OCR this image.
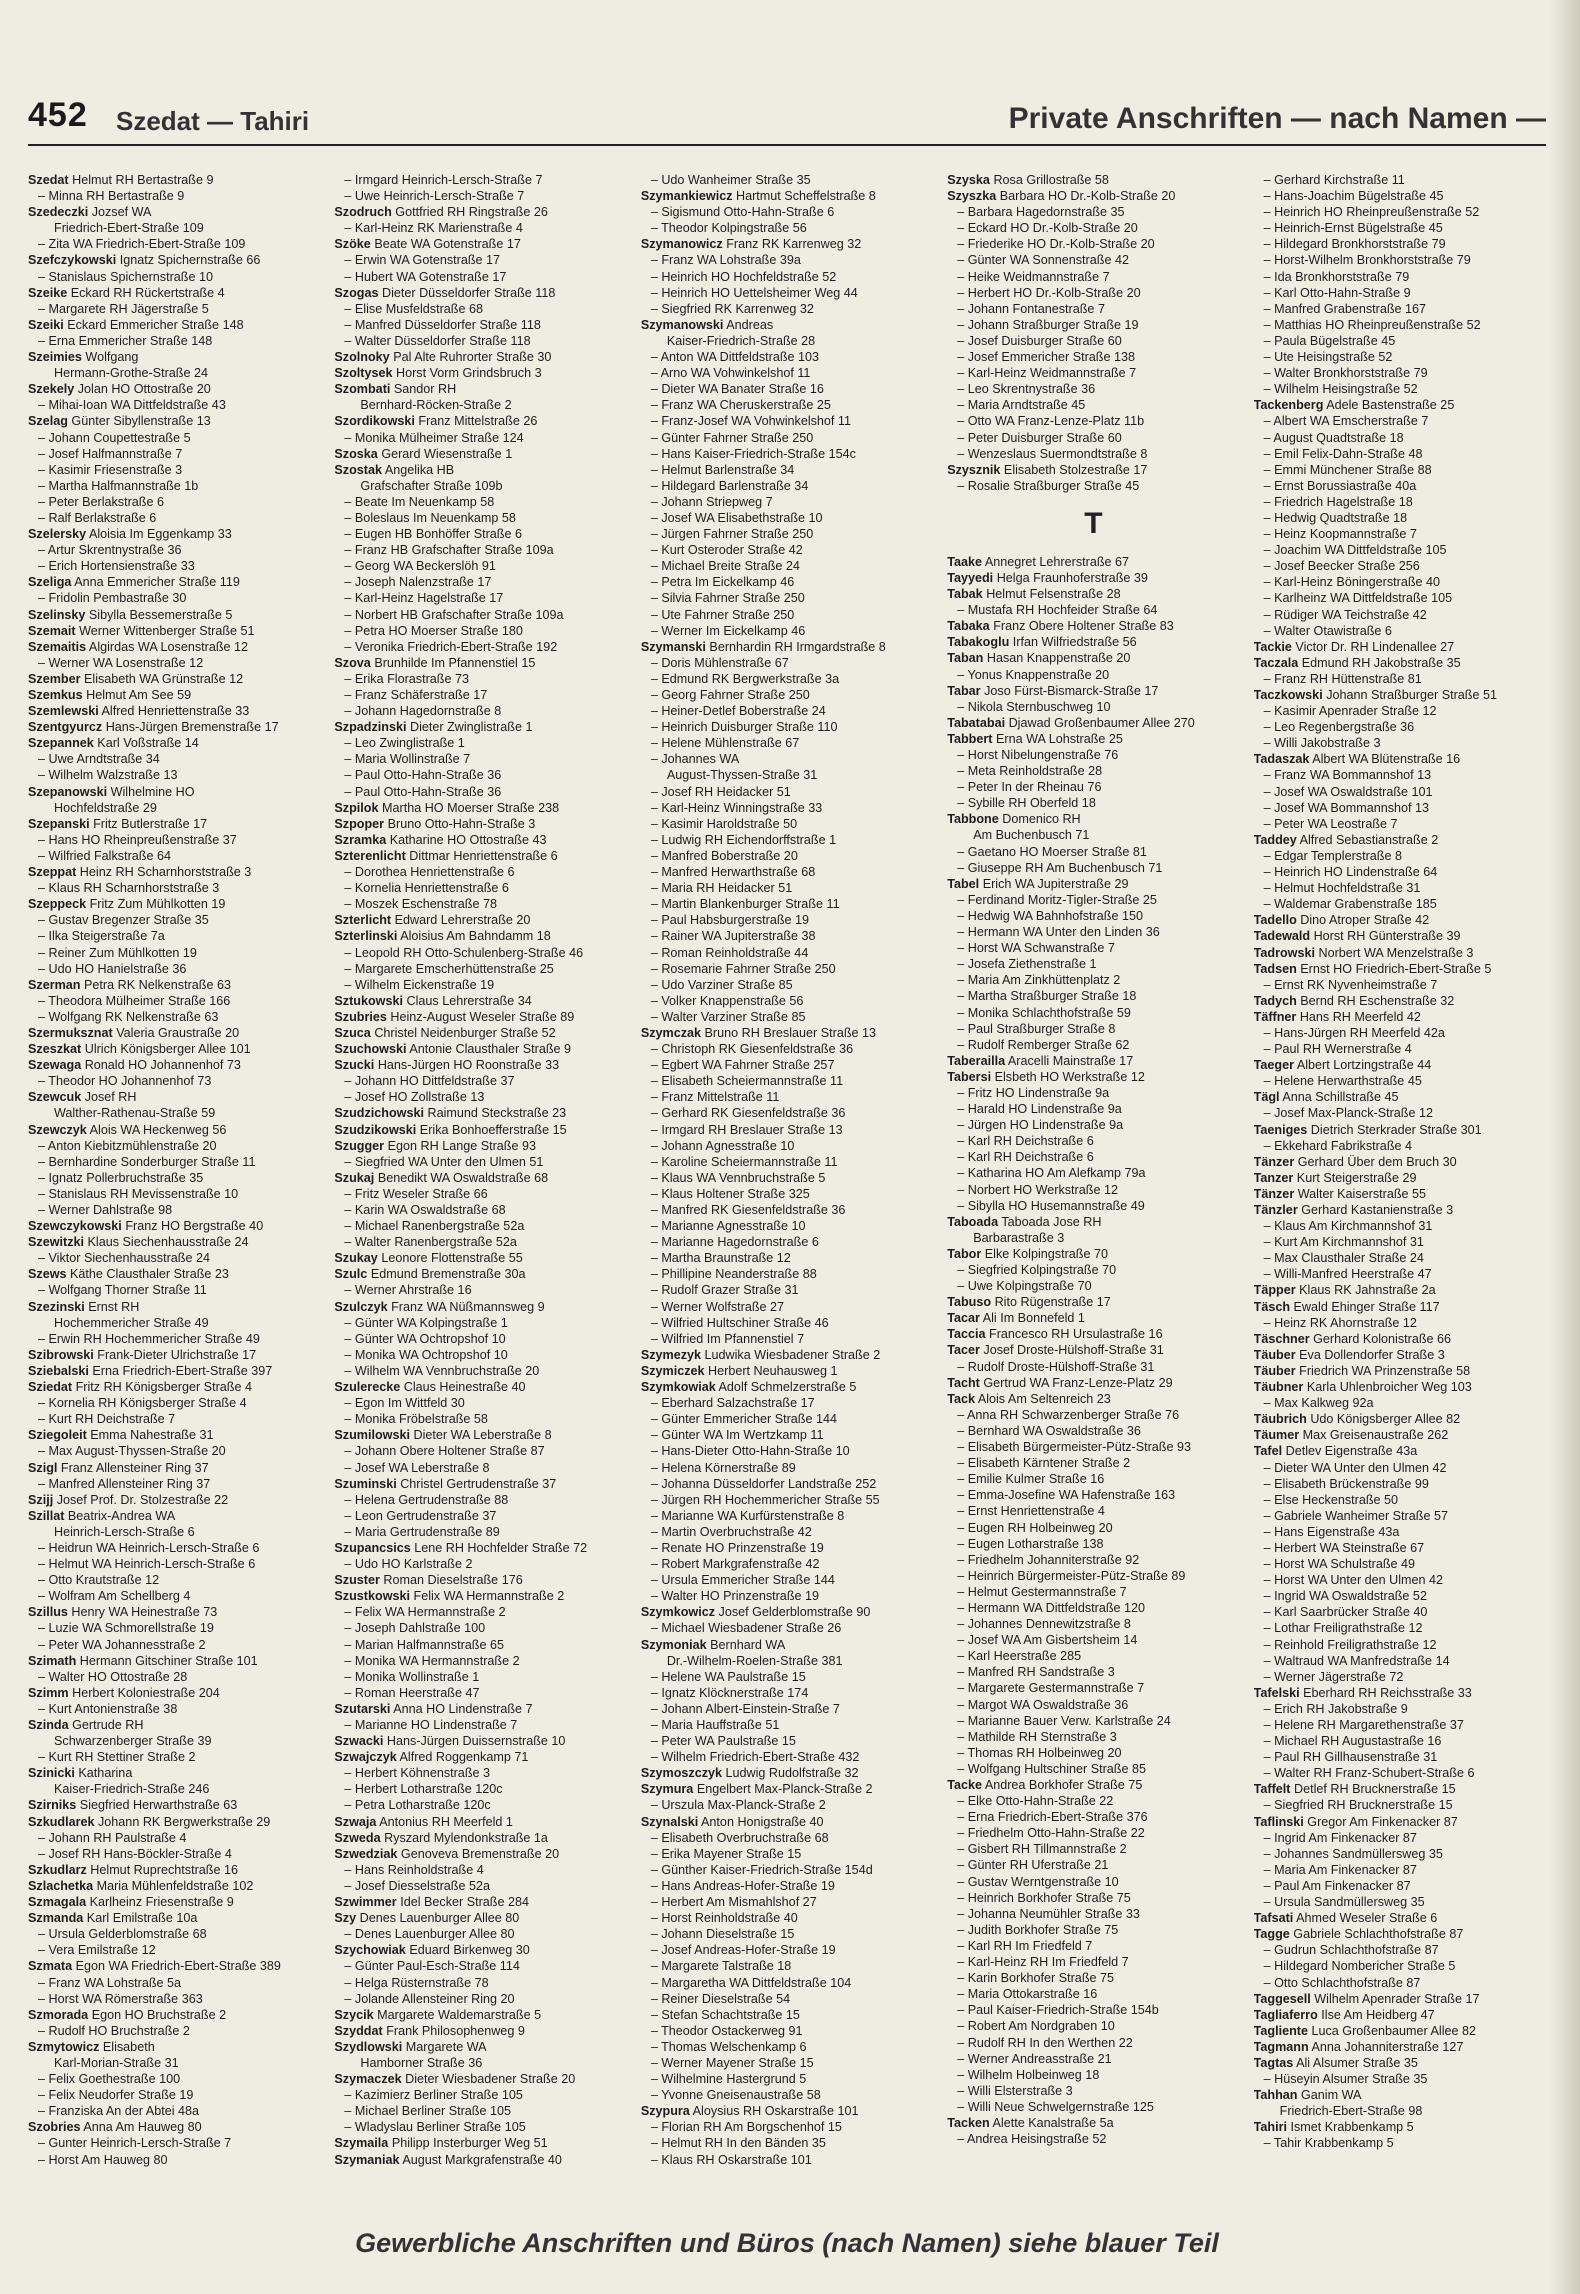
452 Szedat — Tahiri	Private Anschriften — nach Namen —
Szedat Helmut RH Bertastraße 9
– Minna RH Bertastraße 9
Szedeczki Jozsef WA
Friedrich-Ebert-Straße 109
– Zita WA Friedrich-Ebert-Straße 109
Szefczykowski Ignatz Spichernstraße 66
– Stanislaus Spichernstraße 10
Szeike Eckard RH Rückertstraße 4
– Margarete RH Jägerstraße 5
Szeiki Eckard Emmericher Straße 148
– Erna Emmericher Straße 148
Szeimies Wolfgang
Hermann-Grothe-Straße 24
Szekely Jolan HO Ottostraße 20
– Mihai-Ioan WA Dittfeldstraße 43
Szelag Günter Sibyllenstraße 13
– Johann Coupettestraße 5
– Josef Halfmannstraße 7
– Kasimir Friesenstraße 3
– Martha Halfmannstraße 1b
– Peter Berlakstraße 6
– Ralf Berlakstraße 6
Szelersky Aloisia Im Eggenkamp 33
– Artur Skrentnystraße 36
– Erich Hortensienstraße 33
Szeliga Anna Emmericher Straße 119
– Fridolin Pembastraße 30
Szelinsky Sibylla Bessemerstraße 5
Szemait Werner Wittenberger Straße 51
Szemaitis Algirdas WA Losenstraße 12
– Werner WA Losenstraße 12
Szember Elisabeth WA Grünstraße 12
Szemkus Helmut Am See 59
Szemlewski Alfred Henriettenstraße 33
Szentgyurcz Hans-Jürgen Bremenstraße 17
Szepannek Karl Voßstraße 14
– Uwe Arndtstraße 34
– Wilhelm Walzstraße 13
Szepanowski Wilhelmine HO
Hochfeldstraße 29
Szepanski Fritz Butlerstraße 17
– Hans HO Rheinpreußenstraße 37
– Wilfried Falkstraße 64
Szeppat Heinz RH Scharnhorststraße 3
– Klaus RH Scharnhorststraße 3
Szeppeck Fritz Zum Mühlkotten 19
– Gustav Bregenzer Straße 35
– Ilka Steigerstraße 7a
– Reiner Zum Mühlkotten 19
– Udo HO Hanielstraße 36
Szerman Petra RK Nelkenstraße 63
– Theodora Mülheimer Straße 166
– Wolfgang RK Nelkenstraße 63
Szermuksznat Valeria Graustraße 20
Szeszkat Ulrich Königsberger Allee 101
Szewaga Ronald HO Johannenhof 73
– Theodor HO Johannenhof 73
Szewcuk Josef RH
Walther-Rathenau-Straße 59
Szewczyk Alois WA Heckenweg 56
– Anton Kiebitzmühlenstraße 20
– Bernhardine Sonderburger Straße 11
– Ignatz Pollerbruchstraße 35
– Stanislaus RH Mevissenstraße 10
– Werner Dahlstraße 98
Szewczykowski Franz HO Bergstraße 40
Szewitzki Klaus Siechenhausstraße 24
– Viktor Siechenhausstraße 24
Szews Käthe Clausthaler Straße 23
– Wolfgang Thorner Straße 11
Szezinski Ernst RH
Hochemmericher Straße 49
– Erwin RH Hochemmericher Straße 49
Szibrowski Frank-Dieter Ulrichstraße 17
Sziebalski Erna Friedrich-Ebert-Straße 397
Sziedat Fritz RH Königsberger Straße 4
– Kornelia RH Königsberger Straße 4
– Kurt RH Deichstraße 7
Sziegoleit Emma Nahestraße 31
– Max August-Thyssen-Straße 20
Szigl Franz Allensteiner Ring 37
– Manfred Allensteiner Ring 37
Szijj Josef Prof. Dr. Stolzestraße 22
Szillat Beatrix-Andrea WA
Heinrich-Lersch-Straße 6
– Heidrun WA Heinrich-Lersch-Straße 6
– Helmut WA Heinrich-Lersch-Straße 6
– Otto Krautstraße 12
– Wolfram Am Schellberg 4
Szillus Henry WA Heinestraße 73
– Luzie WA Schmorellstraße 19
– Peter WA Johannesstraße 2
Szimath Hermann Gitschiner Straße 101
– Walter HO Ottostraße 28
Szimm Herbert Koloniestraße 204
– Kurt Antonienstraße 38
Szinda Gertrude RH
Schwarzenberger Straße 39
– Kurt RH Stettiner Straße 2
Szinicki Katharina
Kaiser-Friedrich-Straße 246
Szirniks Siegfried Herwarthstraße 63
Szkudlarek Johann RK Bergwerkstraße 29
– Johann RH Paulstraße 4
– Josef RH Hans-Böckler-Straße 4
Szkudlarz Helmut Ruprechtstraße 16
Szlachetka Maria Mühlenfeldstraße 102
Szmagala Karlheinz Friesenstraße 9
Szmanda Karl Emilstraße 10a
– Ursula Gelderblomstraße 68
– Vera Emilstraße 12
Szmata Egon WA Friedrich-Ebert-Straße 389
– Franz WA Lohstraße 5a
– Horst WA Römerstraße 363
Szmorada Egon HO Bruchstraße 2
– Rudolf HO Bruchstraße 2
Szmytowicz Elisabeth
Karl-Morian-Straße 31
– Felix Goethestraße 100
– Felix Neudorfer Straße 19
– Franziska An der Abtei 48a
Szobries Anna Am Hauweg 80
– Gunter Heinrich-Lersch-Straße 7
– Horst Am Hauweg 80
– Irmgard Heinrich-Lersch-Straße 7
– Uwe Heinrich-Lersch-Straße 7
Szodruch Gottfried RH Ringstraße 26
– Karl-Heinz RK Marienstraße 4
Szöke Beate WA Gotenstraße 17
– Erwin WA Gotenstraße 17
– Hubert WA Gotenstraße 17
Szogas Dieter Düsseldorfer Straße 118
– Elise Musfeldstraße 68
– Manfred Düsseldorfer Straße 118
– Walter Düsseldorfer Straße 118
Szolnoky Pal Alte Ruhrorter Straße 30
Szoltysek Horst Vorm Grindsbruch 3
Szombati Sandor RH
Bernhard-Röcken-Straße 2
Szordikowski Franz Mittelstraße 26
– Monika Mülheimer Straße 124
Szoska Gerard Wiesenstraße 1
Szostak Angelika HB
Grafschafter Straße 109b
– Beate Im Neuenkamp 58
– Boleslaus Im Neuenkamp 58
– Eugen HB Bonhöffer Straße 6
– Franz HB Grafschafter Straße 109a
– Georg WA Beckerslöh 91
– Joseph Nalenzstraße 17
– Karl-Heinz Hagelstraße 17
– Norbert HB Grafschafter Straße 109a
– Petra HO Moerser Straße 180
– Veronika Friedrich-Ebert-Straße 192
Szova Brunhilde Im Pfannenstiel 15
– Erika Florastraße 73
– Franz Schäferstraße 17
– Johann Hagedornstraße 8
Szpadzinski Dieter Zwinglistraße 1
– Leo Zwinglistraße 1
– Maria Wollinstraße 7
– Paul Otto-Hahn-Straße 36
– Paul Otto-Hahn-Straße 36
Szpilok Martha HO Moerser Straße 238
Szpoper Bruno Otto-Hahn-Straße 3
Szramka Katharine HO Ottostraße 43
Szterenlicht Dittmar Henriettenstraße 6
– Dorothea Henriettenstraße 6
– Kornelia Henriettenstraße 6
– Moszek Eschenstraße 78
Szterlicht Edward Lehrerstraße 20
Szterlinski Aloisius Am Bahndamm 18
– Leopold RH Otto-Schulenberg-Straße 46
– Margarete Emscherhüttenstraße 25
– Wilhelm Eickenstraße 19
Sztukowski Claus Lehrerstraße 34
Szubries Heinz-August Weseler Straße 89
Szuca Christel Neidenburger Straße 52
Szuchowski Antonie Clausthaler Straße 9
Szucki Hans-Jürgen HO Roonstraße 33
– Johann HO Dittfeldstraße 37
– Josef HO Zollstraße 13
Szudzichowski Raimund Steckstraße 23
Szudzikowski Erika Bonhoefferstraße 15
Szugger Egon RH Lange Straße 93
– Siegfried WA Unter den Ulmen 51
Szukaj Benedikt WA Oswaldstraße 68
– Fritz Weseler Straße 66
– Karin WA Oswaldstraße 68
– Michael Ranenbergstraße 52a
– Walter Ranenbergstraße 52a
Szukay Leonore Flottenstraße 55
Szulc Edmund Bremenstraße 30a
– Werner Ahrstraße 16
Szulczyk Franz WA Nüßmannsweg 9
– Günter WA Kolpingstraße 1
– Günter WA Ochtropshof 10
– Monika WA Ochtropshof 10
– Wilhelm WA Vennbruchstraße 20
Szulerecke Claus Heinestraße 40
– Egon Im Wittfeld 30
– Monika Fröbelstraße 58
Szumilowski Dieter WA Leberstraße 8
– Johann Obere Holtener Straße 87
– Josef WA Leberstraße 8
Szuminski Christel Gertrudenstraße 37
– Helena Gertrudenstraße 88
– Leon Gertrudenstraße 37
– Maria Gertrudenstraße 89
Szupancsics Lene RH Hochfelder Straße 72
– Udo HO Karlstraße 2
Szuster Roman Dieselstraße 176
Szustkowski Felix WA Hermannstraße 2
– Felix WA Hermannstraße 2
– Joseph Dahlstraße 100
– Marian Halfmannstraße 65
– Monika WA Hermannstraße 2
– Monika Wollinstraße 1
– Roman Heerstraße 47
Szutarski Anna HO Lindenstraße 7
– Marianne HO Lindenstraße 7
Szwacki Hans-Jürgen Duissernstraße 10
Szwajczyk Alfred Roggenkamp 71
– Herbert Köhnenstraße 3
– Herbert Lotharstraße 120c
– Petra Lotharstraße 120c
Szwaja Antonius RH Meerfeld 1
Szweda Ryszard Mylendonkstraße 1a
Szwedziak Genoveva Bremenstraße 20
– Hans Reinholdstraße 4
– Josef Diesselstraße 52a
Szwimmer Idel Becker Straße 284
Szy Denes Lauenburger Allee 80
– Denes Lauenburger Allee 80
Szychowiak Eduard Birkenweg 30
– Günter Paul-Esch-Straße 114
– Helga Rüsternstraße 78
– Jolande Allensteiner Ring 20
Szycik Margarete Waldemarstraße 5
Szyddat Frank Philosophenweg 9
Szydlowski Margarete WA
Hamborner Straße 36
Szymaczek Dieter Wiesbadener Straße 20
– Kazimierz Berliner Straße 105
– Michael Berliner Straße 105
– Wladyslau Berliner Straße 105
Szymaila Philipp Insterburger Weg 51
Szymaniak August Markgrafenstraße 40
– Udo Wanheimer Straße 35
Szymankiewicz Hartmut Scheffelstraße 8
– Sigismund Otto-Hahn-Straße 6
– Theodor Kolpingstraße 56
Szymanowicz Franz RK Karrenweg 32
– Franz WA Lohstraße 39a
– Heinrich HO Hochfeldstraße 52
– Heinrich HO Uettelsheimer Weg 44
– Siegfried RK Karrenweg 32
Szymanowski Andreas
Kaiser-Friedrich-Straße 28
– Anton WA Dittfeldstraße 103
– Arno WA Vohwinkelshof 11
– Dieter WA Banater Straße 16
– Franz WA Cheruskerstraße 25
– Franz-Josef WA Vohwinkelshof 11
– Günter Fahrner Straße 250
– Hans Kaiser-Friedrich-Straße 154c
– Helmut Barlenstraße 34
– Hildegard Barlenstraße 34
– Johann Striepweg 7
– Josef WA Elisabethstraße 10
– Jürgen Fahrner Straße 250
– Kurt Osteroder Straße 42
– Michael Breite Straße 24
– Petra Im Eickelkamp 46
– Silvia Fahrner Straße 250
– Ute Fahrner Straße 250
– Werner Im Eickelkamp 46
Szymanski Bernhardin RH Irmgardstraße 8
– Doris Mühlenstraße 67
– Edmund RK Bergwerkstraße 3a
– Georg Fahrner Straße 250
– Heiner-Detlef Boberstraße 24
– Heinrich Duisburger Straße 110
– Helene Mühlenstraße 67
– Johannes WA
August-Thyssen-Straße 31
– Josef RH Heidacker 51
– Karl-Heinz Winningstraße 33
– Kasimir Haroldstraße 50
– Ludwig RH Eichendorffstraße 1
– Manfred Boberstraße 20
– Manfred Herwarthstraße 68
– Maria RH Heidacker 51
– Martin Blankenburger Straße 11
– Paul Habsburgerstraße 19
– Rainer WA Jupiterstraße 38
– Roman Reinholdstraße 44
– Rosemarie Fahrner Straße 250
– Udo Varziner Straße 85
– Volker Knappenstraße 56
– Walter Varziner Straße 85
Szymczak Bruno RH Breslauer Straße 13
– Christoph RK Giesenfeldstraße 36
– Egbert WA Fahrner Straße 257
– Elisabeth Scheiermannstraße 11
– Franz Mittelstraße 11
– Gerhard RK Giesenfeldstraße 36
– Irmgard RH Breslauer Straße 13
– Johann Agnesstraße 10
– Karoline Scheiermannstraße 11
– Klaus WA Vennbruchstraße 5
– Klaus Holtener Straße 325
– Manfred RK Giesenfeldstraße 36
– Marianne Agnesstraße 10
– Marianne Hagedornstraße 6
– Martha Braunstraße 12
– Phillipine Neanderstraße 88
– Rudolf Grazer Straße 31
– Werner Wolfstraße 27
– Wilfried Hultschiner Straße 46
– Wilfried Im Pfannenstiel 7
Szymezyk Ludwika Wiesbadener Straße 2
Szymiczek Herbert Neuhausweg 1
Szymkowiak Adolf Schmelzerstraße 5
– Eberhard Salzachstraße 17
– Günter Emmericher Straße 144
– Günter WA Im Wertzkamp 11
– Hans-Dieter Otto-Hahn-Straße 10
– Helena Körnerstraße 89
– Johanna Düsseldorfer Landstraße 252
– Jürgen RH Hochemmericher Straße 55
– Marianne WA Kurfürstenstraße 8
– Martin Overbruchstraße 42
– Renate HO Prinzenstraße 19
– Robert Markgrafenstraße 42
– Ursula Emmericher Straße 144
– Walter HO Prinzenstraße 19
Szymkowicz Josef Gelderblomstraße 90
– Michael Wiesbadener Straße 26
Szymoniak Bernhard WA
Dr.-Wilhelm-Roelen-Straße 381
– Helene WA Paulstraße 15
– Ignatz Klöcknerstraße 174
– Johann Albert-Einstein-Straße 7
– Maria Hauffstraße 51
– Peter WA Paulstraße 15
– Wilhelm Friedrich-Ebert-Straße 432
Szymoszczyk Ludwig Rudolfstraße 32
Szymura Engelbert Max-Planck-Straße 2
– Urszula Max-Planck-Straße 2
Szynalski Anton Honigstraße 40
– Elisabeth Overbruchstraße 68
– Erika Mayener Straße 15
– Günther Kaiser-Friedrich-Straße 154d
– Hans Andreas-Hofer-Straße 19
– Herbert Am Mismahlshof 27
– Horst Reinholdstraße 40
– Johann Dieselstraße 15
– Josef Andreas-Hofer-Straße 19
– Margarete Talstraße 18
– Margaretha WA Dittfeldstraße 104
– Reiner Dieselstraße 54
– Stefan Schachtstraße 15
– Theodor Ostackerweg 91
– Thomas Welschenkamp 6
– Werner Mayener Straße 15
– Wilhelmine Hastergrund 5
– Yvonne Gneisenaustraße 58
Szypura Aloysius RH Oskarstraße 101
– Florian RH Am Borgschenhof 15
– Helmut RH In den Bänden 35
– Klaus RH Oskarstraße 101
Szyska Rosa Grillostraße 58
Szyszka Barbara HO Dr.-Kolb-Straße 20
– Barbara Hagedornstraße 35
– Eckard HO Dr.-Kolb-Straße 20
– Friederike HO Dr.-Kolb-Straße 20
– Günter WA Sonnenstraße 42
– Heike Weidmannstraße 7
– Herbert HO Dr.-Kolb-Straße 20
– Johann Fontanestraße 7
– Johann Straßburger Straße 19
– Josef Duisburger Straße 60
– Josef Emmericher Straße 138
– Karl-Heinz Weidmannstraße 7
– Leo Skrentnystraße 36
– Maria Arndtstraße 45
– Otto WA Franz-Lenze-Platz 11b
– Peter Duisburger Straße 60
– Wenzeslaus Suermondtstraße 8
Szysznik Elisabeth Stolzestraße 17
– Rosalie Straßburger Straße 45
T
Taake Annegret Lehrerstraße 67
Tayyedi Helga Fraunhoferstraße 39
Tabak Helmut Felsenstraße 28
– Mustafa RH Hochfeider Straße 64
Tabaka Franz Obere Holtener Straße 83
Tabakoglu Irfan Wilfriedstraße 56
Taban Hasan Knappenstraße 20
– Yonus Knappenstraße 20
Tabar Joso Fürst-Bismarck-Straße 17
– Nikola Sternbuschweg 10
Tabatabai Djawad Großenbaumer Allee 270
Tabbert Erna WA Lohstraße 25
– Horst Nibelungenstraße 76
– Meta Reinholdstraße 28
– Peter In der Rheinau 76
– Sybille RH Oberfeld 18
Tabbone Domenico RH
Am Buchenbusch 71
– Gaetano HO Moerser Straße 81
– Giuseppe RH Am Buchenbusch 71
Tabel Erich WA Jupiterstraße 29
– Ferdinand Moritz-Tigler-Straße 25
– Hedwig WA Bahnhofstraße 150
– Hermann WA Unter den Linden 36
– Horst WA Schwanstraße 7
– Josefa Ziethenstraße 1
– Maria Am Zinkhüttenplatz 2
– Martha Straßburger Straße 18
– Monika Schlachthofstraße 59
– Paul Straßburger Straße 8
– Rudolf Remberger Straße 62
Taberailla Aracelli Mainstraße 17
Tabersi Elsbeth HO Werkstraße 12
– Fritz HO Lindenstraße 9a
– Harald HO Lindenstraße 9a
– Jürgen HO Lindenstraße 9a
– Karl RH Deichstraße 6
– Karl RH Deichstraße 6
– Katharina HO Am Alefkamp 79a
– Norbert HO Werkstraße 12
– Sibylla HO Husemannstraße 49
Taboada Taboada Jose RH
Barbarastraße 3
Tabor Elke Kolpingstraße 70
– Siegfried Kolpingstraße 70
– Uwe Kolpingstraße 70
Tabuso Rito Rügenstraße 17
Tacar Ali Im Bonnefeld 1
Taccia Francesco RH Ursulastraße 16
Tacer Josef Droste-Hülshoff-Straße 31
– Rudolf Droste-Hülshoff-Straße 31
Tacht Gertrud WA Franz-Lenze-Platz 29
Tack Alois Am Seltenreich 23
– Anna RH Schwarzenberger Straße 76
– Bernhard WA Oswaldstraße 36
– Elisabeth Bürgermeister-Pütz-Straße 93
– Elisabeth Kärntener Straße 2
– Emilie Kulmer Straße 16
– Emma-Josefine WA Hafenstraße 163
– Ernst Henriettenstraße 4
– Eugen RH Holbeinweg 20
– Eugen Lotharstraße 138
– Friedhelm Johanniterstraße 92
– Heinrich Bürgermeister-Pütz-Straße 89
– Helmut Gestermannstraße 7
– Hermann WA Dittfeldstraße 120
– Johannes Dennewitzstraße 8
– Josef WA Am Gisbertsheim 14
– Karl Heerstraße 285
– Manfred RH Sandstraße 3
– Margarete Gestermannstraße 7
– Margot WA Oswaldstraße 36
– Marianne Bauer Verw. Karlstraße 24
– Mathilde RH Sternstraße 3
– Thomas RH Holbeinweg 20
– Wolfgang Hultschiner Straße 85
Tacke Andrea Borkhofer Straße 75
– Elke Otto-Hahn-Straße 22
– Erna Friedrich-Ebert-Straße 376
– Friedhelm Otto-Hahn-Straße 22
– Gisbert RH Tillmannstraße 2
– Günter RH Uferstraße 21
– Gustav Werntgenstraße 10
– Heinrich Borkhofer Straße 75
– Johanna Neumühler Straße 33
– Judith Borkhofer Straße 75
– Karl RH Im Friedfeld 7
– Karl-Heinz RH Im Friedfeld 7
– Karin Borkhofer Straße 75
– Maria Ottokarstraße 16
– Paul Kaiser-Friedrich-Straße 154b
– Robert Am Nordgraben 10
– Rudolf RH In den Werthen 22
– Werner Andreasstraße 21
– Wilhelm Holbeinweg 18
– Willi Elsterstraße 3
– Willi Neue Schwelgernstraße 125
Tacken Alette Kanalstraße 5a
– Andrea Heisingstraße 52
– Gerhard Kirchstraße 11
– Hans-Joachim Bügelstraße 45
– Heinrich HO Rheinpreußenstraße 52
– Heinrich-Ernst Bügelstraße 45
– Hildegard Bronkhorststraße 79
– Horst-Wilhelm Bronkhorststraße 79
– Ida Bronkhorststraße 79
– Karl Otto-Hahn-Straße 9
– Manfred Grabenstraße 167
– Matthias HO Rheinpreußenstraße 52
– Paula Bügelstraße 45
– Ute Heisingstraße 52
– Walter Bronkhorststraße 79
– Wilhelm Heisingstraße 52
Tackenberg Adele Bastenstraße 25
– Albert WA Emscherstraße 7
– August Quadtstraße 18
– Emil Felix-Dahn-Straße 48
– Emmi Münchener Straße 88
– Ernst Borussiastraße 40a
– Friedrich Hagelstraße 18
– Hedwig Quadtstraße 18
– Heinz Koopmannstraße 7
– Joachim WA Dittfeldstraße 105
– Josef Beecker Straße 256
– Karl-Heinz Böningerstraße 40
– Karlheinz WA Dittfeldstraße 105
– Rüdiger WA Teichstraße 42
– Walter Otawistraße 6
Tackie Victor Dr. RH Lindenallee 27
Taczala Edmund RH Jakobstraße 35
– Franz RH Hüttenstraße 81
Taczkowski Johann Straßburger Straße 51
– Kasimir Apenrader Straße 12
– Leo Regenbergstraße 36
– Willi Jakobstraße 3
Tadaszak Albert WA Blütenstraße 16
– Franz WA Bommannshof 13
– Josef WA Oswaldstraße 101
– Josef WA Bommannshof 13
– Peter WA Leostraße 7
Taddey Alfred Sebastianstraße 2
– Edgar Templerstraße 8
– Heinrich HO Lindenstraße 64
– Helmut Hochfeldstraße 31
– Waldemar Grabenstraße 185
Tadello Dino Atroper Straße 42
Tadewald Horst RH Günterstraße 39
Tadrowski Norbert WA Menzelstraße 3
Tadsen Ernst HO Friedrich-Ebert-Straße 5
– Ernst RK Nyvenheimstraße 7
Tadych Bernd RH Eschenstraße 32
Täffner Hans RH Meerfeld 42
– Hans-Jürgen RH Meerfeld 42a
– Paul RH Wernerstraße 4
Taeger Albert Lortzingstraße 44
– Helene Herwarthstraße 45
Tägl Anna Schillstraße 45
– Josef Max-Planck-Straße 12
Taeniges Dietrich Sterkrader Straße 301
– Ekkehard Fabrikstraße 4
Tänzer Gerhard Über dem Bruch 30
Tanzer Kurt Steigerstraße 29
Tänzer Walter Kaiserstraße 55
Tänzler Gerhard Kastanienstraße 3
– Klaus Am Kirchmannshof 31
– Kurt Am Kirchmannshof 31
– Max Clausthaler Straße 24
– Willi-Manfred Heerstraße 47
Täpper Klaus RK Jahnstraße 2a
Täsch Ewald Ehinger Straße 117
– Heinz RK Ahornstraße 12
Täschner Gerhard Kolonistraße 66
Täuber Eva Dollendorfer Straße 3
Täuber Friedrich WA Prinzenstraße 58
Täubner Karla Uhlenbroicher Weg 103
– Max Kalkweg 92a
Täubrich Udo Königsberger Allee 82
Täumer Max Greisenaustraße 262
Tafel Detlev Eigenstraße 43a
– Dieter WA Unter den Ulmen 42
– Elisabeth Brückenstraße 99
– Else Heckenstraße 50
– Gabriele Wanheimer Straße 57
– Hans Eigenstraße 43a
– Herbert WA Steinstraße 67
– Horst WA Schulstraße 49
– Horst WA Unter den Ulmen 42
– Ingrid WA Oswaldstraße 52
– Karl Saarbrücker Straße 40
– Lothar Freiligrathstraße 12
– Reinhold Freiligrathstraße 12
– Waltraud WA Manfredstraße 14
– Werner Jägerstraße 72
Tafelski Eberhard RH Reichsstraße 33
– Erich RH Jakobstraße 9
– Helene RH Margarethenstraße 37
– Michael RH Augustastraße 16
– Paul RH Gillhausenstraße 31
– Walter RH Franz-Schubert-Straße 6
Taffelt Detlef RH Brucknerstraße 15
– Siegfried RH Brucknerstraße 15
Taflinski Gregor Am Finkenacker 87
– Ingrid Am Finkenacker 87
– Johannes Sandmüllersweg 35
– Maria Am Finkenacker 87
– Paul Am Finkenacker 87
– Ursula Sandmüllersweg 35
Tafsati Ahmed Weseler Straße 6
Tagge Gabriele Schlachthofstraße 87
– Gudrun Schlachthofstraße 87
– Hildegard Nombericher Straße 5
– Otto Schlachthofstraße 87
Taggesell Wilhelm Apenrader Straße 17
Tagliaferro Ilse Am Heidberg 47
Tagliente Luca Großenbaumer Allee 82
Tagmann Anna Johanniterstraße 127
Tagtas Ali Alsumer Straße 35
– Hüseyin Alsumer Straße 35
Tahhan Ganim WA
Friedrich-Ebert-Straße 98
Tahiri Ismet Krabbenkamp 5
– Tahir Krabbenkamp 5
Gewerbliche Anschriften und Büros (nach Namen) siehe blauer Teil
